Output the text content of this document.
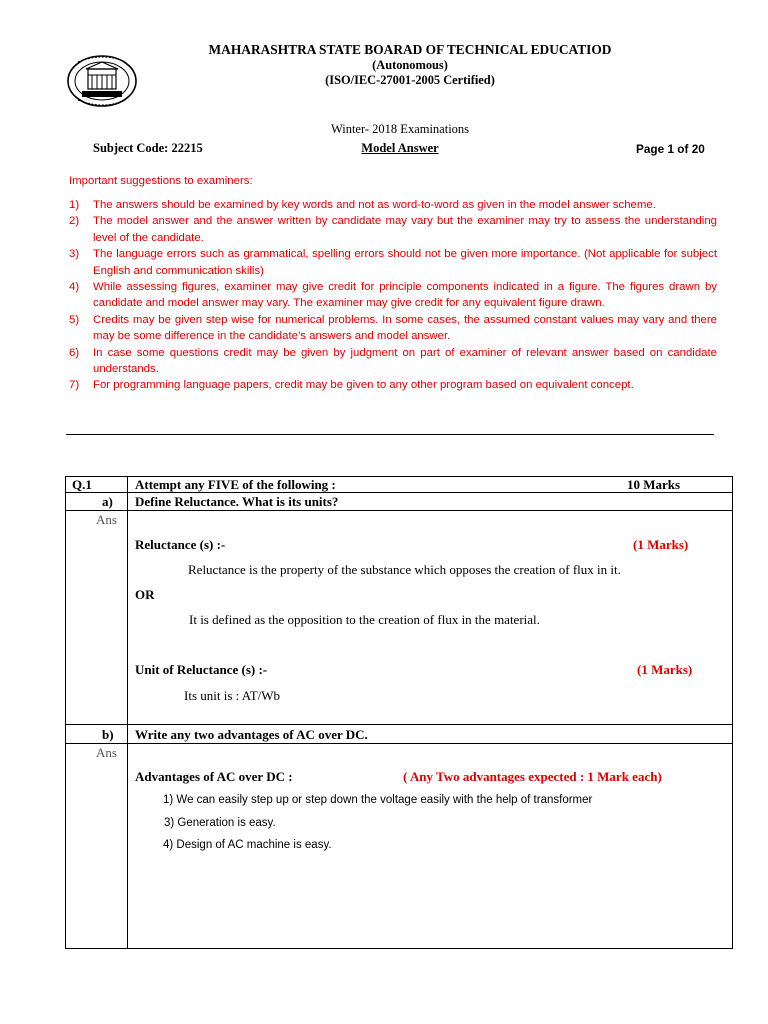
MAHARASHTRA STATE BOARAD OF TECHNICAL EDUCATIOD
(Autonomous)
(ISO/IEC-27001-2005 Certified)
Winter- 2018 Examinations
Subject Code: 22215	Model Answer	Page 1 of 20
Important suggestions to examiners:
1) The answers should be examined by key words and not as word-to-word as given in the model answer scheme.
2) The model answer and the answer written by candidate may vary but the examiner may try to assess the understanding level of the candidate.
3) The language errors such as grammatical, spelling errors should not be given more importance. (Not applicable for subject English and communication skills)
4) While assessing figures, examiner may give credit for principle components indicated in a figure. The figures drawn by candidate and model answer may vary. The examiner may give credit for any equivalent figure drawn.
5) Credits may be given step wise for numerical problems. In some cases, the assumed constant values may vary and there may be some difference in the candidate’s answers and model answer.
6) In case some questions credit may be given by judgment on part of examiner of relevant answer based on candidate understands.
7) For programming language papers, credit may be given to any other program based on equivalent concept.
Q.1	Attempt any FIVE of the following :	10 Marks
a) Define Reluctance. What is its units?
Ans
Reluctance (s) :-	(1 Marks)
Reluctance is the property of the substance which opposes the creation of flux in it.
OR
It is defined as the opposition to the creation of flux in the material.
Unit of Reluctance (s) :-	(1 Marks)
Its unit is : AT/Wb
b) Write any two advantages of AC over DC.
Ans
Advantages of AC over DC :	( Any Two advantages expected : 1 Mark each)
1) We can easily step up or step down the voltage easily with the help of transformer
3) Generation is easy.
4) Design of AC machine is easy.
